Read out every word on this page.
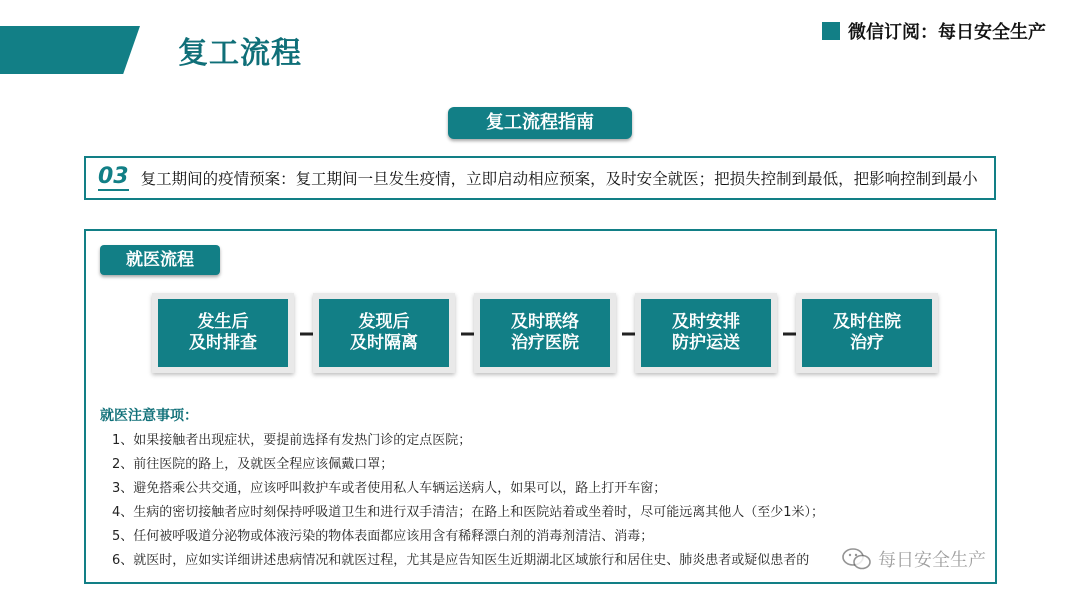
复工流程
微信订阅：每日安全生产
复工流程指南
03 复工期间的疫情预案：复工期间一旦发生疫情，立即启动相应预案，及时安全就医；把损失控制到最低，把影响控制到最小
就医流程
发生后
及时排查
发现后
及时隔离
及时联络
治疗医院
及时安排
防护运送
及时住院
治疗
就医注意事项：
1、如果接触者出现症状，要提前选择有发热门诊的定点医院；
2、前往医院的路上，及就医全程应该佩戴口罩；
3、避免搭乘公共交通，应该呼叫救护车或者使用私人车辆运送病人，如果可以，路上打开车窗；
4、生病的密切接触者应时刻保持呼吸道卫生和进行双手清洁；在路上和医院站着或坐着时，尽可能远离其他人（至少1米）；
5、任何被呼吸道分泌物或体液污染的物体表面都应该用含有稀释漂白剂的消毒剂清洁、消毒；
6、就医时，应如实详细讲述患病情况和就医过程，尤其是应告知医生近期湖北区域旅行和居住史、肺炎患者或疑似患者的	每日安全生产
